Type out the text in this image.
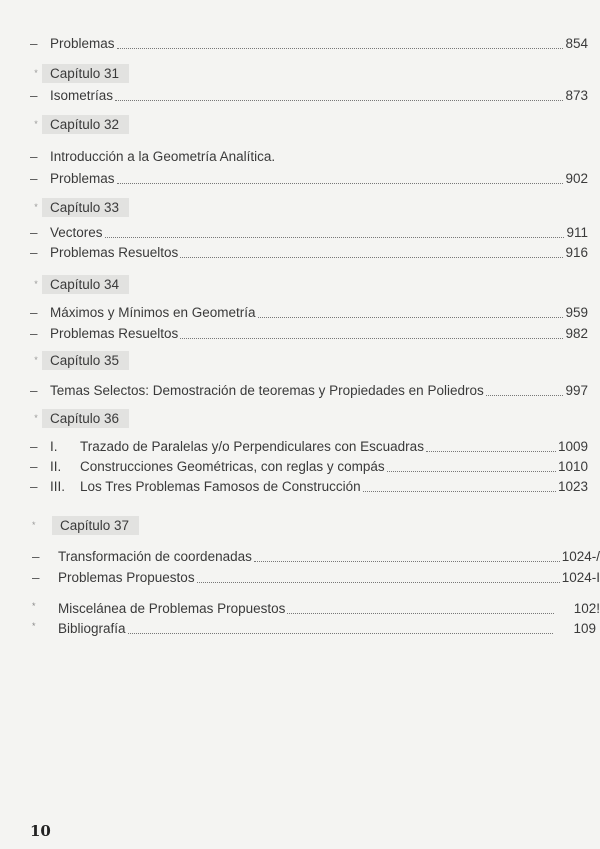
– Problemas	854
* Capítulo 31
– Isometrías	873
* Capítulo 32
– Introducción a la Geometría Analítica.
– Problemas	902
* Capítulo 33
– Vectores	911
– Problemas Resueltos	916
* Capítulo 34
– Máximos y Mínimos en Geometría	959
– Problemas Resueltos	982
* Capítulo 35
– Temas Selectos: Demostración de teoremas y Propiedades en Poliedros	997
* Capítulo 36
– I.	Trazado de Paralelas y/o Perpendiculares con Escuadras	1009
– II.	Construcciones Geométricas, con reglas y compás	1010
– III.	Los Tres Problemas Famosos de Construcción	1023
*	Capítulo 37
–	Transformación de coordenadas	1024-/
–	Problemas Propuestos	1024-I
*	Miscelánea de Problemas Propuestos	102!
*	Bibliografía	109
10
